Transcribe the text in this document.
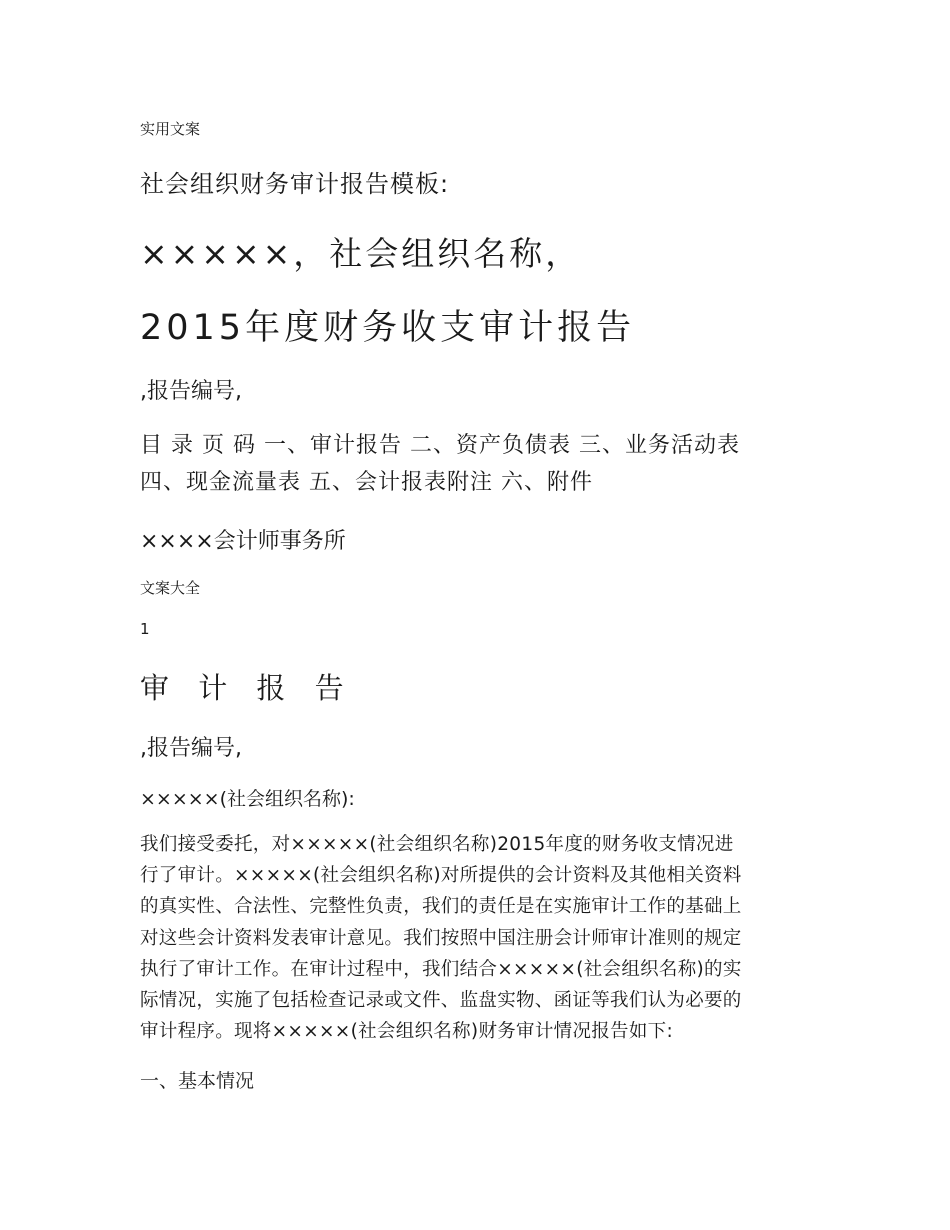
实用文案

社会组织财务审计报告模板:

×××××，社会组织名称，

2015年度财务收支审计报告

,报告编号,

目 录 页 码 一、审计报告 二、资产负债表 三、业务活动表
四、现金流量表 五、会计报表附注 六、附件

××××会计师事务所

文案大全

1

审 计 报 告

,报告编号,

×××××(社会组织名称):

我们接受委托，对×××××(社会组织名称)2015年度的财务收支情况进
行了审计。×××××(社会组织名称)对所提供的会计资料及其他相关资料
的真实性、合法性、完整性负责，我们的责任是在实施审计工作的基础上
对这些会计资料发表审计意见。我们按照中国注册会计师审计准则的规定
执行了审计工作。在审计过程中，我们结合×××××(社会组织名称)的实
际情况，实施了包括检查记录或文件、监盘实物、函证等我们认为必要的
审计程序。现将×××××(社会组织名称)财务审计情况报告如下:

一、基本情况
